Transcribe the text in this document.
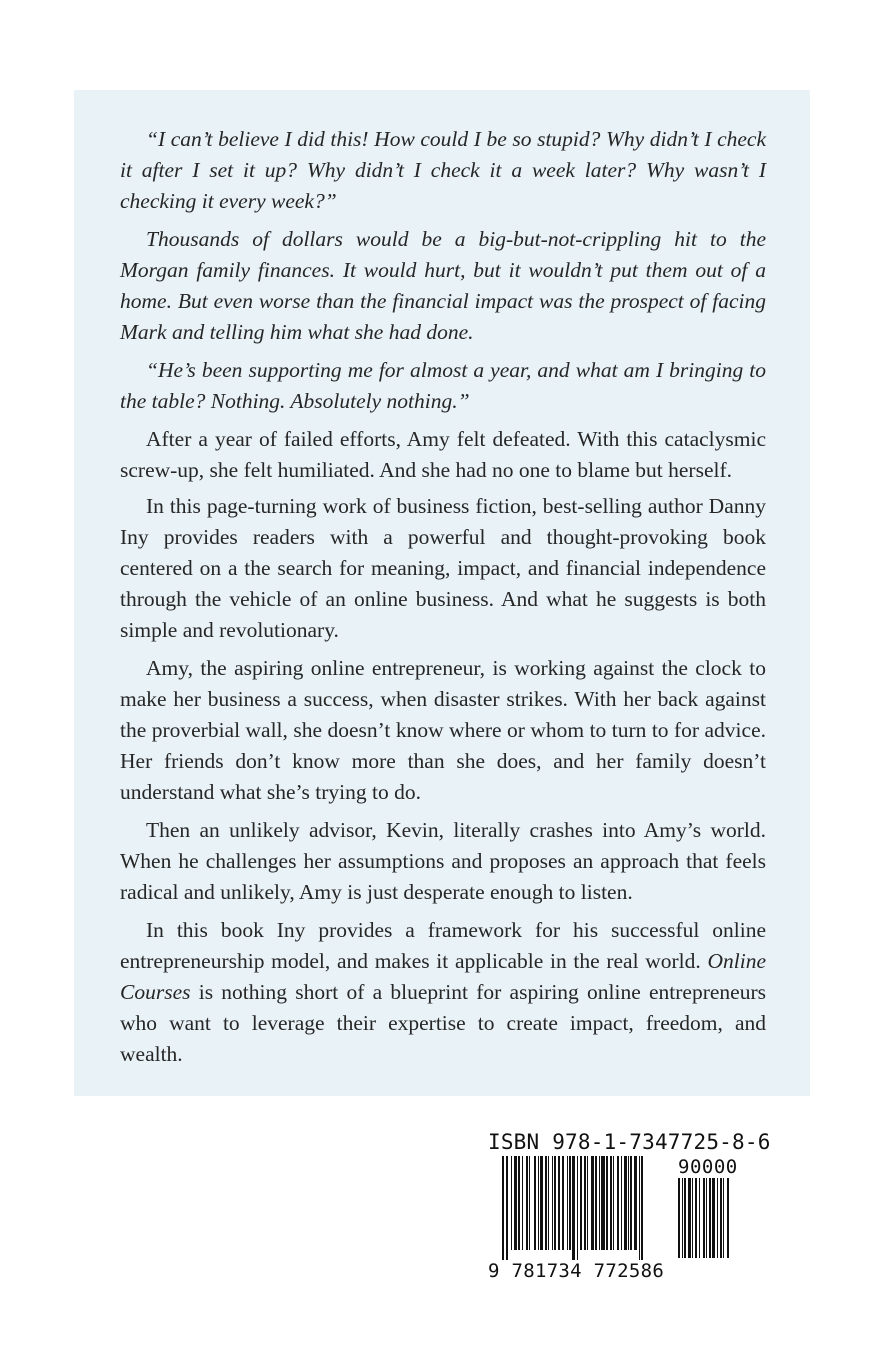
“I can’t believe I did this! How could I be so stupid? Why didn’t I check it after I set it up? Why didn’t I check it a week later? Why wasn’t I checking it every week?”

Thousands of dollars would be a big-but-not-crippling hit to the Morgan family finances. It would hurt, but it wouldn’t put them out of a home. But even worse than the financial impact was the prospect of facing Mark and telling him what she had done.

“He’s been supporting me for almost a year, and what am I bringing to the table? Nothing. Absolutely nothing.”

After a year of failed efforts, Amy felt defeated. With this cataclysmic screw-up, she felt humiliated. And she had no one to blame but herself.

In this page-turning work of business fiction, best-selling author Danny Iny provides readers with a powerful and thought-provoking book centered on a the search for meaning, impact, and financial independence through the vehicle of an online business. And what he suggests is both simple and revolutionary.

Amy, the aspiring online entrepreneur, is working against the clock to make her business a success, when disaster strikes. With her back against the proverbial wall, she doesn’t know where or whom to turn to for advice. Her friends don’t know more than she does, and her family doesn’t understand what she’s trying to do.

Then an unlikely advisor, Kevin, literally crashes into Amy’s world. When he challenges her assumptions and proposes an approach that feels radical and unlikely, Amy is just desperate enough to listen.

In this book Iny provides a framework for his successful online entrepreneurship model, and makes it applicable in the real world. Online Courses is nothing short of a blueprint for aspiring online entrepreneurs who want to leverage their expertise to create impact, freedom, and wealth.

ISBN 978-1-7347725-8-6
90000
9 781734 772586
